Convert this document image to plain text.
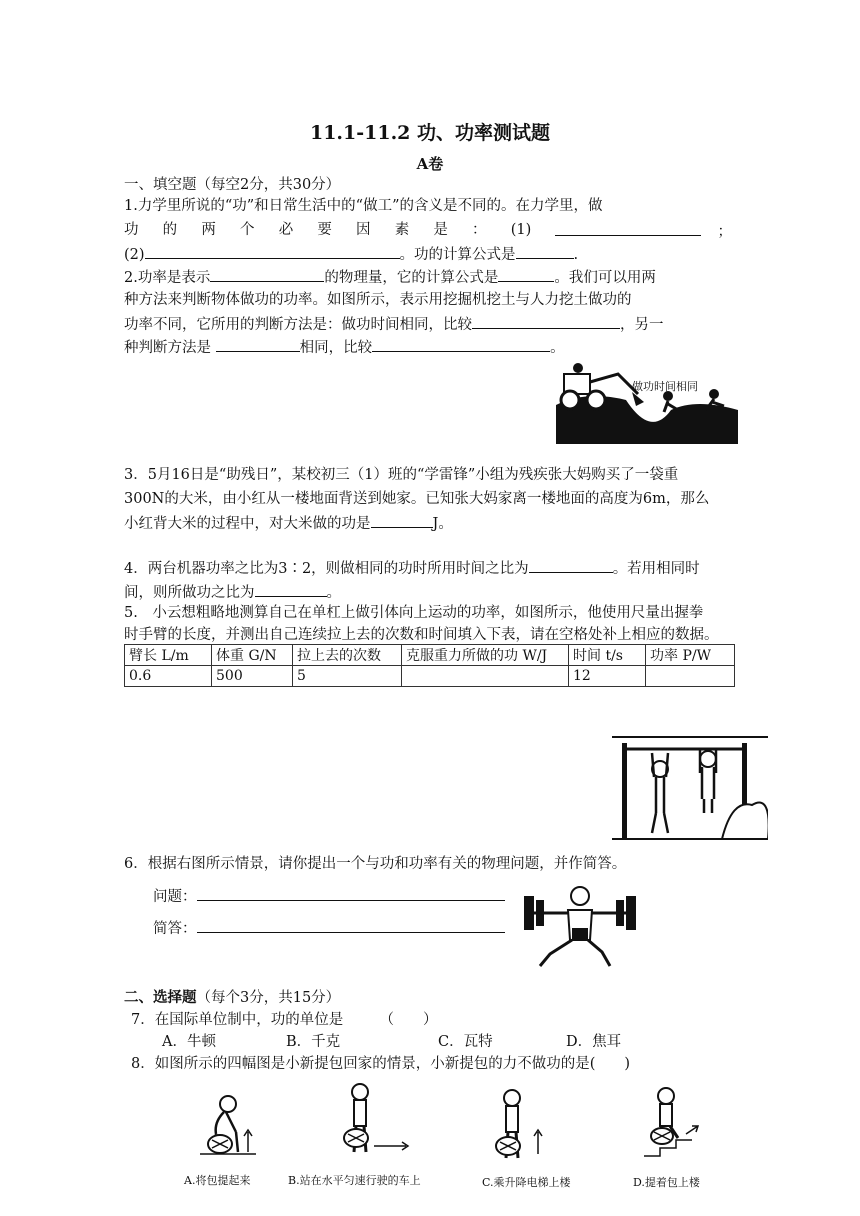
11.1-11.2 功、功率测试题
A卷
一、填空题（每空2分，共30分）
1.力学里所说的“功”和日常生活中的“做工”的含义是不同的。在力学里，做
功 的 两 个 必 要 因 素 是 ： (1)	；
(2)	。功的计算公式是	.
2.功率是表示	的物理量，它的计算公式是	。我们可以用两
种方法来判断物体做功的功率。如图所示，表示用挖掘机挖土与人力挖土做功的
功率不同，它所用的判断方法是：做功时间相同，比较	，另一
种判断方法是	相同，比较	。
做功时间相同
3．5月16日是“助残日”，某校初三（1）班的“学雷锋”小组为残疾张大妈购买了一袋重
300N的大米，由小红从一楼地面背送到她家。已知张大妈家离一楼地面的高度为6m，那么
小红背大米的过程中，对大米做的功是	J。
4．两台机器功率之比为3∶2，则做相同的功时所用时间之比为	。若用相同时
间，则所做功之比为	。
5.　小云想粗略地测算自己在单杠上做引体向上运动的功率，如图所示，他使用尺量出握拳
时手臂的长度，并测出自己连续拉上去的次数和时间填入下表，请在空格处补上相应的数据。
臂长 L/m	体重 G/N	拉上去的次数	克服重力所做的功 W/J	时间 t/s	功率 P/W
0.6	500	5		12	
6．根据右图所示情景，请你提出一个与功和功率有关的物理问题，并作简答。
问题：
简答：
二、选择题（每个3分，共15分）
7．在国际单位制中，功的单位是　　　（　　）
A．牛顿	B．千克	C．瓦特	D．焦耳
8．如图所示的四幅图是小新提包回家的情景，小新提包的力不做功的是(　　)
A.将包提起来	B.站在水平匀速行驶的车上	C.乘升降电梯上楼	D.提着包上楼
